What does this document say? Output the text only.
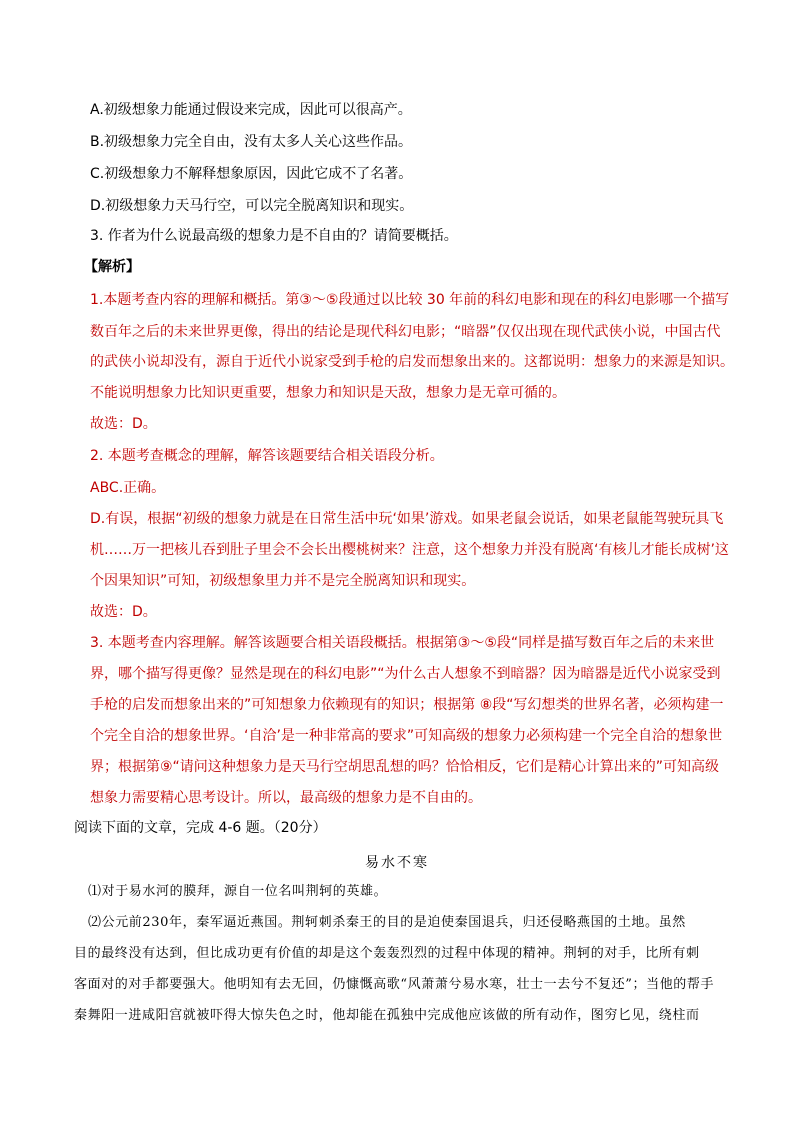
A.初级想象力能通过假设来完成，因此可以很高产。
B.初级想象力完全自由，没有太多人关心这些作品。
C.初级想象力不解释想象原因，因此它成不了名著。
D.初级想象力天马行空，可以完全脱离知识和现实。
3. 作者为什么说最高级的想象力是不自由的？请简要概括。
【解析】
1.本题考查内容的理解和概括。第③～⑤段通过以比较 30 年前的科幻电影和现在的科幻电影哪一个描写
数百年之后的未来世界更像，得出的结论是现代科幻电影；“暗器”仅仅出现在现代武侠小说，中国古代
的武侠小说却没有，源自于近代小说家受到手枪的启发而想象出来的。这都说明：想象力的来源是知识。
不能说明想象力比知识更重要，想象力和知识是天敌，想象力是无章可循的。
故选：D。
2. 本题考查概念的理解，解答该题要结合相关语段分析。
ABC.正确。
D.有误，根据“初级的想象力就是在日常生活中玩‘如果’游戏。如果老鼠会说话，如果老鼠能驾驶玩具飞
机……万一把核儿吞到肚子里会不会长出樱桃树来？注意，这个想象力并没有脱离‘有核儿才能长成树’这
个因果知识”可知，初级想象里力并不是完全脱离知识和现实。
故选：D。
3. 本题考查内容理解。解答该题要合相关语段概括。根据第③～⑤段“同样是描写数百年之后的未来世
界，哪个描写得更像？显然是现在的科幻电影”“为什么古人想象不到暗器？因为暗器是近代小说家受到
手枪的启发而想象出来的”可知想象力依赖现有的知识；根据第 ⑧段“写幻想类的世界名著，必须构建一
个完全自洽的想象世界。‘自洽’是一种非常高的要求”可知高级的想象力必须构建一个完全自洽的想象世
界；根据第⑨“请问这种想象力是天马行空胡思乱想的吗？恰恰相反，它们是精心计算出来的”可知高级
想象力需要精心思考设计。所以，最高级的想象力是不自由的。
阅读下面的文章，完成 4-6 题。（20分）
易水不寒
⑴对于易水河的膜拜，源自一位名叫荆轲的英雄。
⑵公元前230年，秦军逼近燕国。荆轲刺杀秦王的目的是迫使秦国退兵，归还侵略燕国的土地。虽然
目的最终没有达到，但比成功更有价值的却是这个轰轰烈烈的过程中体现的精神。荆轲的对手，比所有刺
客面对的对手都要强大。他明知有去无回，仍慷慨高歌“风萧萧兮易水寒，壮士一去兮不复还”；当他的帮手
秦舞阳一进咸阳宫就被吓得大惊失色之时，他却能在孤独中完成他应该做的所有动作，图穷匕见，绕柱而
